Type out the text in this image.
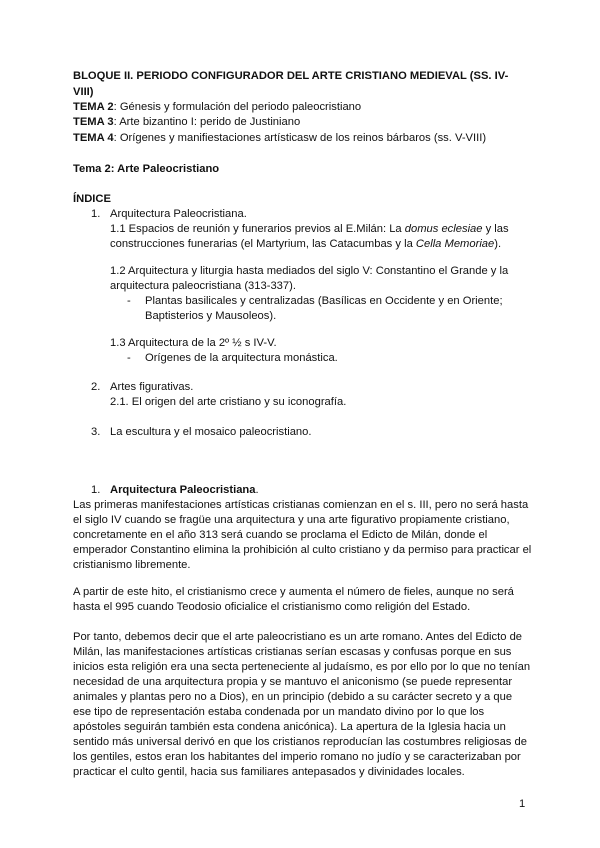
BLOQUE II. PERIODO CONFIGURADOR DEL ARTE CRISTIANO MEDIEVAL (SS. IV-VIII)
TEMA 2: Génesis y formulación del periodo paleocristiano
TEMA 3: Arte bizantino I: perido de Justiniano
TEMA 4: Orígenes y manifiestaciones artísticasw de los reinos bárbaros (ss. V-VIII)
Tema 2: Arte Paleocristiano
ÍNDICE
1. Arquitectura Paleocristiana.
1.1 Espacios de reunión y funerarios previos al E.Milán: La domus eclesiae y las
construcciones funerarias (el Martyrium, las Catacumbas y la Cella Memoriae).
1.2 Arquitectura y liturgia hasta mediados del siglo V: Constantino el Grande y la
arquitectura paleocristiana (313-337).
- Plantas basilicales y centralizadas (Basílicas en Occidente y en Oriente;
Baptisterios y Mausoleos).
1.3 Arquitectura de la 2º ½ s IV-V.
- Orígenes de la arquitectura monástica.
2. Artes figurativas.
2.1. El origen del arte cristiano y su iconografía.
3. La escultura y el mosaico paleocristiano.
1. Arquitectura Paleocristiana.
Las primeras manifestaciones artísticas cristianas comienzan en el s. III, pero no será hasta
el siglo IV cuando se fragüe una arquitectura y una arte figurativo propiamente cristiano,
concretamente en el año 313 será cuando se proclama el Edicto de Milán, donde el
emperador Constantino elimina la prohibición al culto cristiano y da permiso para practicar el
cristianismo libremente.
A partir de este hito, el cristianismo crece y aumenta el número de fieles, aunque no será
hasta el 995 cuando Teodosio oficialice el cristianismo como religión del Estado.
Por tanto, debemos decir que el arte paleocristiano es un arte romano. Antes del Edicto de
Milán, las manifestaciones artísticas cristianas serían escasas y confusas porque en sus
inicios esta religión era una secta perteneciente al judaísmo, es por ello por lo que no tenían
necesidad de una arquitectura propia y se mantuvo el aniconismo (se puede representar
animales y plantas pero no a Dios), en un principio (debido a su carácter secreto y a que
ese tipo de representación estaba condenada por un mandato divino por lo que los
apóstoles seguirán también esta condena anicónica). La apertura de la Iglesia hacia un
sentido más universal derivó en que los cristianos reproducían las costumbres religiosas de
los gentiles, estos eran los habitantes del imperio romano no judío y se caracterizaban por
practicar el culto gentil, hacia sus familiares antepasados y divinidades locales.
1
